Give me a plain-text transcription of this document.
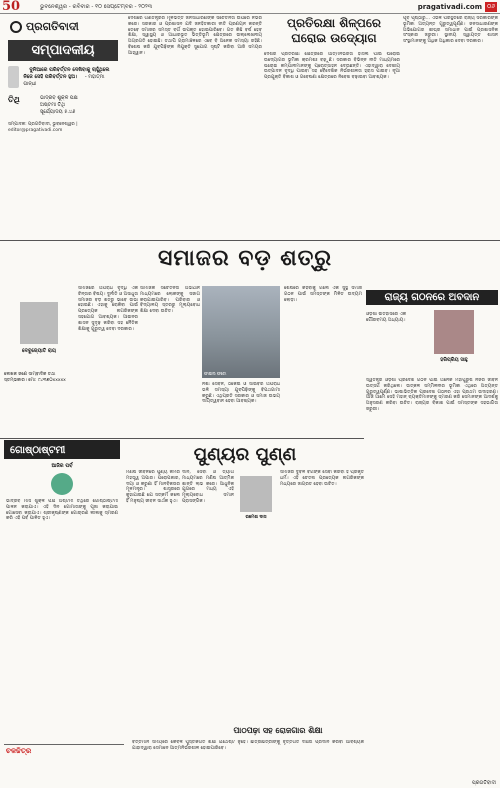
50	ଭୁବନେଶ୍ୱର - ରବିବାର - ୧୦ ସେପ୍ଟେମ୍ବର - ୨୦୨୩	pragativadi.com ୦୬
ପ୍ରଗତିବାଦୀ
ସମ୍ପାଦକୀୟ

ଦୁନିଆରେ ପରିବର୍ତ୍ତନ ଦେଖିବାକୁ ଚାହୁଁଥିଲେ ନିଜେ ସେହି ପରିବର୍ତ୍ତନ ହୁଅ। - ମହାତ୍ମା ଗାନ୍ଧୀ

ତିଥି	ଭାଦ୍ରବ ଶୁକ୍ଳ ପକ୍ଷ
ଅଷ୍ଟମୀ ତିଥି
ସୂର୍ଯ୍ୟୋଦୟ ୫.୪୬
ସମ୍ପାଦକ: ପ୍ରଗତିବାଦୀ, ଭୁବନେଶ୍ୱର | editor@pragativadi.com
ଦେଶରେ ଗଣତନ୍ତ୍ରର ମୂଳଭିତ୍ତି ଜନସାଧାରଣଙ୍କ ସଚେତନତା ଉପରେ ନିର୍ଭର କରେ। ସରକାର ଓ ପ୍ରଶାସନ ଯଦି ଜନହିତକାରୀ ନୀତି ପ୍ରଣୟନ କରନ୍ତି ତେବେ ସମାଜର ସମସ୍ତ ବର୍ଗ ଉପକୃତ ହୋଇପାରିବେ। ଗତ କିଛି ବର୍ଷ ହେବ ଶିକ୍ଷା, ସ୍ୱାସ୍ଥ୍ୟ ଓ ଆଧାରଭୂତ ଭିତ୍ତିଭୂମି କ୍ଷେତ୍ରରେ ଉଲ୍ଲେଖନୀୟ ଅଗ୍ରଗତି ହୋଇଛି। ତଥାପି ଗ୍ରାମାଞ୍ଚଳରେ ଏବେ ବି ଅନେକ ସମସ୍ୟା ରହିଛି। ବିଶେଷ କରି ଯୁବପିଢ଼ିଙ୍କ ନିଯୁକ୍ତି ସୁଯୋଗ ସୃଷ୍ଟି କରିବା ଆଜି ସମୟର ଆହ୍ୱାନ।
ପ୍ରତିରକ୍ଷା ଶିଳ୍ପରେ ଘରୋଇ ଉଦ୍ୟୋଗ
ଦେଶର ପ୍ରତିରକ୍ଷା କ୍ଷେତ୍ରରେ ଆତ୍ମନିର୍ଭରତା ହାସଲ ପାଇଁ ଘରୋଇ ଉଦ୍ୟୋଗର ଭୂମିକା କ୍ରମଶଃ ବଢ଼ୁଛି। ସରକାର ବିଭିନ୍ନ ନୀତି ମାଧ୍ୟମରେ ଘରୋଇ କମ୍ପାନୀମାନଙ୍କୁ ପ୍ରୋତ୍ସାହନ ଦେଉଛନ୍ତି। ଏହାଦ୍ୱାରା ଦେଶୀୟ ଉତ୍ପାଦନ ବୃଦ୍ଧି ପାଇବା ସହ ବୈଦେଶିକ ନିର୍ଭରଶୀଳତା ହ୍ରାସ ପାଇବ। ନୂଆ ପ୍ରଯୁକ୍ତି ବିକାଶ ଓ ଗବେଷଣା କ୍ଷେତ୍ରରେ ନିବେଶ ବଢ଼ାଇବା ଆବଶ୍ୟକ।
ପୂର୍ବ ପୃଷ୍ଠାରୁ... ଏଭଳି ପରିସ୍ଥିତିରେ ରାଜ୍ୟ ସରକାରଙ୍କ ଭୂମିକା ଅତ୍ୟନ୍ତ ଗୁରୁତ୍ୱପୂର୍ଣ୍ଣ। ଜନସାଧାରଣଙ୍କ ଅଭିଯୋଗର ଶୀଘ୍ର ସମାଧାନ ପାଇଁ ପ୍ରଶାସନିକ ସଂସ୍କାର ଜରୁରୀ। ସ୍ଥାନୀୟ ସ୍ୱାୟତ୍ତ ଶାସନ ସଂସ୍ଥାମାନଙ୍କୁ ଅଧିକ ଅଧିକାର ଦେବା ଦରକାର।
ସମାଜର ବଡ଼ ଶତ୍ରୁ
ଦେବୁଜ୍ୟୋତି ରାୟ
ଲେଖକ ଜଣେ ସାମ୍ବାଦିକ ତଥା ସ୍ତମ୍ଭକାର। ମୋ: ୯୪୩୭୦xxxxx
ସମାଜରେ ଅପରାଧ ବୃଦ୍ଧି ଏକ ଚିନ୍ତାର ବିଷୟ। ଦୁର୍ନୀତି ଓ ଅସାଧୁତା ସମାଜର ବଡ଼ ଶତ୍ରୁ ଭାବେ ଉଭା ହୋଇଛି। ଏହାକୁ ରୋକିବା ପାଇଁ ପ୍ରତ୍ୟେକ ନାଗରିକଙ୍କ ସହଯୋଗ ଆବଶ୍ୟକ। ଆଇନର ଶାସନ ସୁଦୃଢ଼ କରିବା ସହ ନୈତିକ ଶିକ୍ଷାକୁ ଗୁରୁତ୍ୱ ଦେବା ଦରକାର।
ସାମାଜିକ ସଚେତନତା ଅଭିଯାନ ମାଧ୍ୟମରେ ଲୋକଙ୍କୁ ସଜାଗ କରାଯାଇପାରିବ। ପରିବାର ଓ ବିଦ୍ୟାଳୟ ସ୍ତରରୁ ମୂଲ୍ୟବୋଧ ଶିକ୍ଷା ଦେବା ଉଚିତ।
ନିଶା ସେବନ, ଠକେଇ ଓ ସାଇବର ଅପରାଧ ଭଳି ସମସ୍ୟା ଯୁବପିଢ଼ିଙ୍କୁ ବିପଥଗାମୀ କରୁଛି। ଏଥିପ୍ରତି ସରକାର ଓ ସମାଜ ଉଭୟ ଦାୟିତ୍ୱବାନ ହେବା ଆବଶ୍ୟକ।
ଶେଷରେ କହିବାକୁ ଗଲେ ଏକ ସୁସ୍ଥ ସମାଜ ଗଠନ ପାଇଁ ସମସ୍ତଙ୍କ ମିଳିତ ଉଦ୍ୟମ ଲୋଡ଼ା।
ଫାଇଲ ଫଟୋ
ରାଜ୍ୟ ଗଠନରେ ଅବଦାନ
ଓଡ଼ିଶା ଇତିହାସରେ ଏକ ଗୌରବମୟ ଅଧ୍ୟାୟ।
ହରିପ୍ରିୟ ସାହୁ
ସ୍ୱତନ୍ତ୍ର ଓଡ଼ିଶା ପ୍ରଦେଶ ଗଠନ ପାଇଁ ଅନେକ ମହାପୁରୁଷ ନିଜର ଜୀବନ ଉତ୍ସର୍ଗ କରିଥିଲେ। ଉତ୍କଳ ସମ୍ମିଳନୀର ଭୂମିକା ଏଥିରେ ଅତ୍ୟନ୍ତ ଗୁରୁତ୍ୱପୂର୍ଣ୍ଣ। ଭାଷାଭିତ୍ତିକ ପ୍ରଦେଶ ଗଠନର ଏହା ପ୍ରଥମ ଉଦାହରଣ। ଆଜି ଆମେ ସେହି ମହାନ୍ ବ୍ୟକ୍ତିମାନଙ୍କୁ ସ୍ମରଣ କରି ସେମାନଙ୍କ ଆଦର୍ଶକୁ ଅନୁସରଣ କରିବା ଉଚିତ। ରାଜ୍ୟର ବିକାଶ ପାଇଁ ସମସ୍ତଙ୍କ ସହଭାଗିତା ଜରୁରୀ।
ଗୋଷ୍ଠାଷ୍ଟମୀ
ଆଜିର ପର୍ବ
ଭାଦ୍ରବ ମାସ ଶୁକ୍ଳ ପକ୍ଷ ଅଷ୍ଟମୀ ତିଥିରେ ଗୋଷ୍ଠାଷ୍ଟମୀ ପାଳନ କରାଯାଏ। ଏହି ଦିନ ଗୋମାତାଙ୍କୁ ପୂଜା କରାଯାଇ ଗୋସେବା କରାଯାଏ। ଶ୍ରୀକୃଷ୍ଣଙ୍କ ଗୋଚାରଣ ଲୀଳାକୁ ସ୍ମରଣ କରି ଏହି ପର୍ବ ପାଳିତ ହୁଏ।
ପୁଣ୍ୟର ପୁଣ୍ଣ
ରମେଶ ଦାସ
ମଣିଷ ଜୀବନରେ ପୁଣ୍ୟ କର୍ମର ମହତ୍ତ୍ୱ ଅପାର। ପରୋପକାର, ଦୟା ଓ କରୁଣା ହିଁ ମାନବିକତାର ମୂଳମନ୍ତ୍ର। ଶାସ୍ତ୍ରରେ କୁହାଯାଇଛି ଯେ ସତ୍କର୍ମ କଲେ ହିଁ ମନୁଷ୍ୟ ଜୀବନ ସାର୍ଥକ ହୁଏ।
ଦାନ, ସେବା ଓ ତ୍ୟାଗ ମାଧ୍ୟମରେ ମଣିଷ ଆତ୍ମିକ ଶାନ୍ତି ଲାଭ କରେ। ଆଧୁନିକ ଯୁଗରେ ମଧ୍ୟ ଏହି ମୂଲ୍ୟବୋଧ ସମାନ ପ୍ରାସଙ୍ଗିକ।
ସମାଜର ଦୁର୍ବଳ ବର୍ଗଙ୍କ ସେବା କରିବା ହିଁ ପ୍ରକୃତ ଧର୍ମ। ଏହି ଚେତନା ପ୍ରତ୍ୟେକ ନାଗରିକଙ୍କ ମଧ୍ୟରେ ଜାଗ୍ରତ ହେବା ଉଚିତ।
ପାଠପଢ଼ା ସହ ରୋଜଗାର ଶିକ୍ଷା
ବର୍ତ୍ତମାନ ସମୟରେ କେବଳ ପୁସ୍ତକଗତ ଶିକ୍ଷା ଯଥେଷ୍ଟ ନୁହେଁ। ଛାତ୍ରଛାତ୍ରୀଙ୍କୁ ବୃତ୍ତିଗତ ଦକ୍ଷତା ପ୍ରଦାନ କରିବା ଆବଶ୍ୟକ ଯାହାଦ୍ୱାରା ସେମାନେ ଆତ୍ମନିର୍ଭରଶୀଳ ହୋଇପାରିବେ।
ଚଳଚ୍ଚିତ୍ର
ପ୍ରଗତିବାଦୀ
